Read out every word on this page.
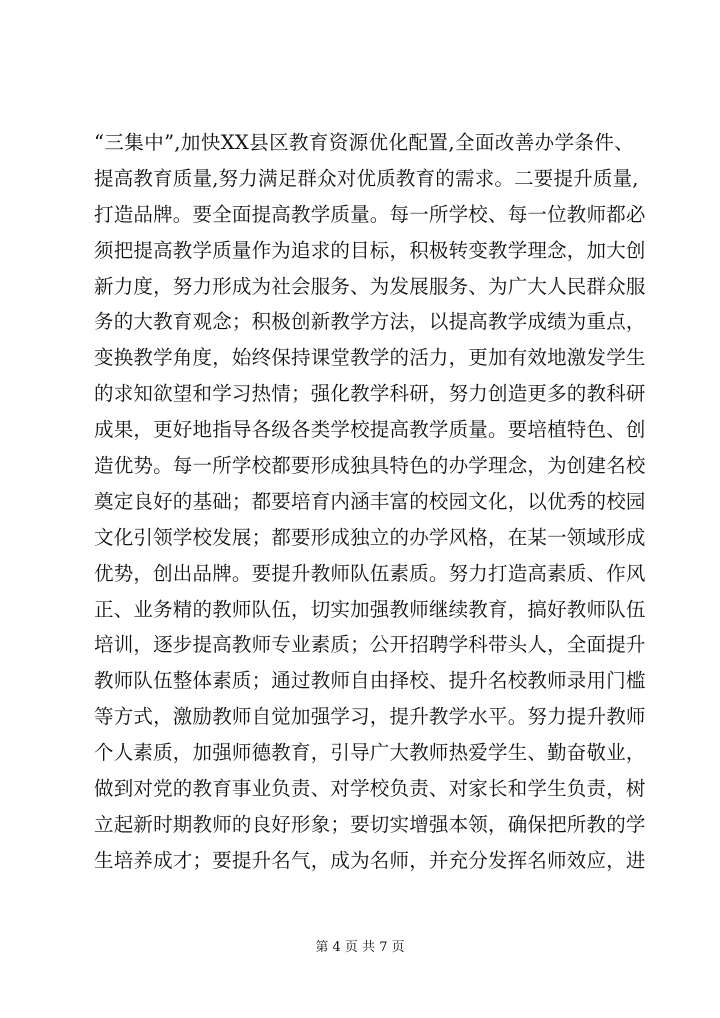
“三集中”,加快XX县区教育资源优化配置,全面改善办学条件、
提高教育质量,努力满足群众对优质教育的需求。二要提升质量,
打造品牌。要全面提高教学质量。每一所学校、每一位教师都必
须把提高教学质量作为追求的目标，积极转变教学理念，加大创
新力度，努力形成为社会服务、为发展服务、为广大人民群众服
务的大教育观念；积极创新教学方法，以提高教学成绩为重点，
变换教学角度，始终保持课堂教学的活力，更加有效地激发学生
的求知欲望和学习热情；强化教学科研，努力创造更多的教科研
成果，更好地指导各级各类学校提高教学质量。要培植特色、创
造优势。每一所学校都要形成独具特色的办学理念，为创建名校
奠定良好的基础；都要培育内涵丰富的校园文化，以优秀的校园
文化引领学校发展；都要形成独立的办学风格，在某一领域形成
优势，创出品牌。要提升教师队伍素质。努力打造高素质、作风
正、业务精的教师队伍，切实加强教师继续教育，搞好教师队伍
培训，逐步提高教师专业素质；公开招聘学科带头人，全面提升
教师队伍整体素质；通过教师自由择校、提升名校教师录用门槛
等方式，激励教师自觉加强学习，提升教学水平。努力提升教师
个人素质，加强师德教育，引导广大教师热爱学生、勤奋敬业，
做到对党的教育事业负责、对学校负责、对家长和学生负责，树
立起新时期教师的良好形象；要切实增强本领，确保把所教的学
生培养成才；要提升名气，成为名师，并充分发挥名师效应，进
第 4 页 共 7 页
